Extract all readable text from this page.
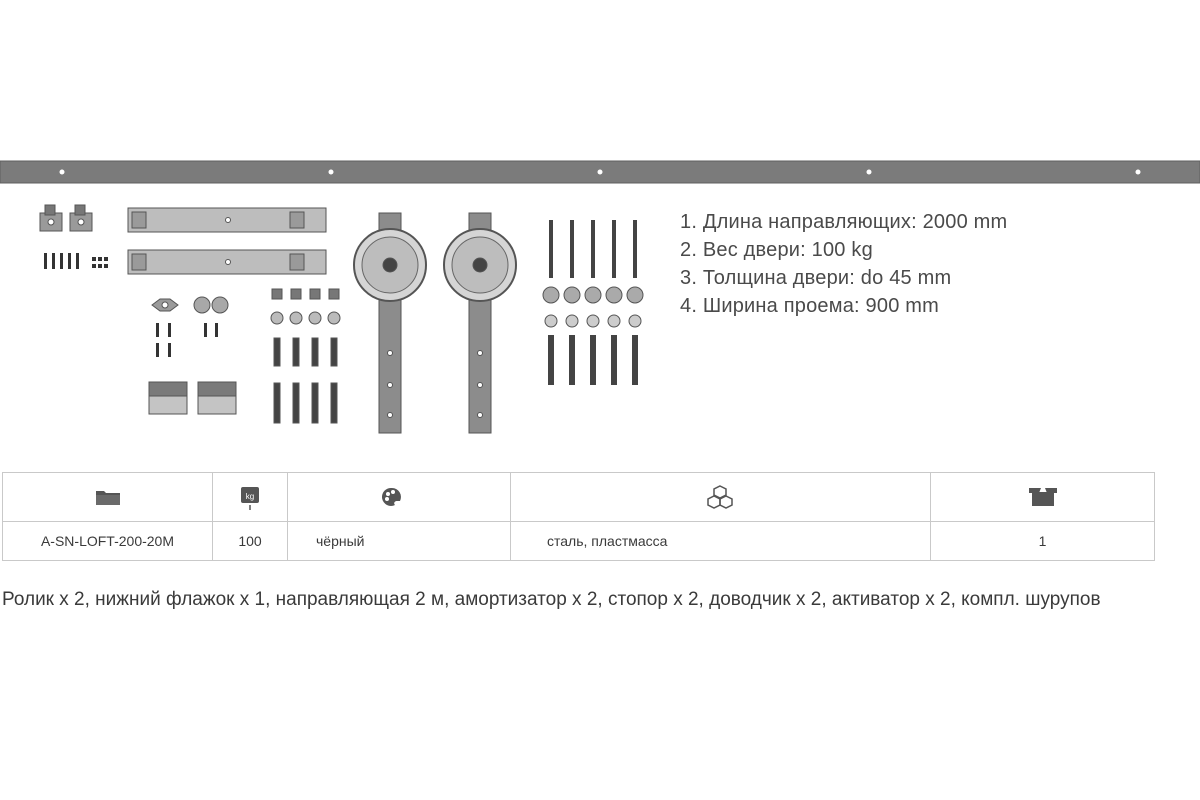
1. Длина направляющих: 2000 mm
2. Вес двери: 100 kg
3. Толщина двери: do 45 mm
4. Ширина проема: 900 mm

kg

A-SN-LOFT-200-20M	100	чёрный	сталь, пластмасса	1
Ролик x 2, нижний флажок x 1, направляющая 2 м, амортизатор x 2, стопор x 2, доводчик x 2, активатор x 2, компл. шурупов
